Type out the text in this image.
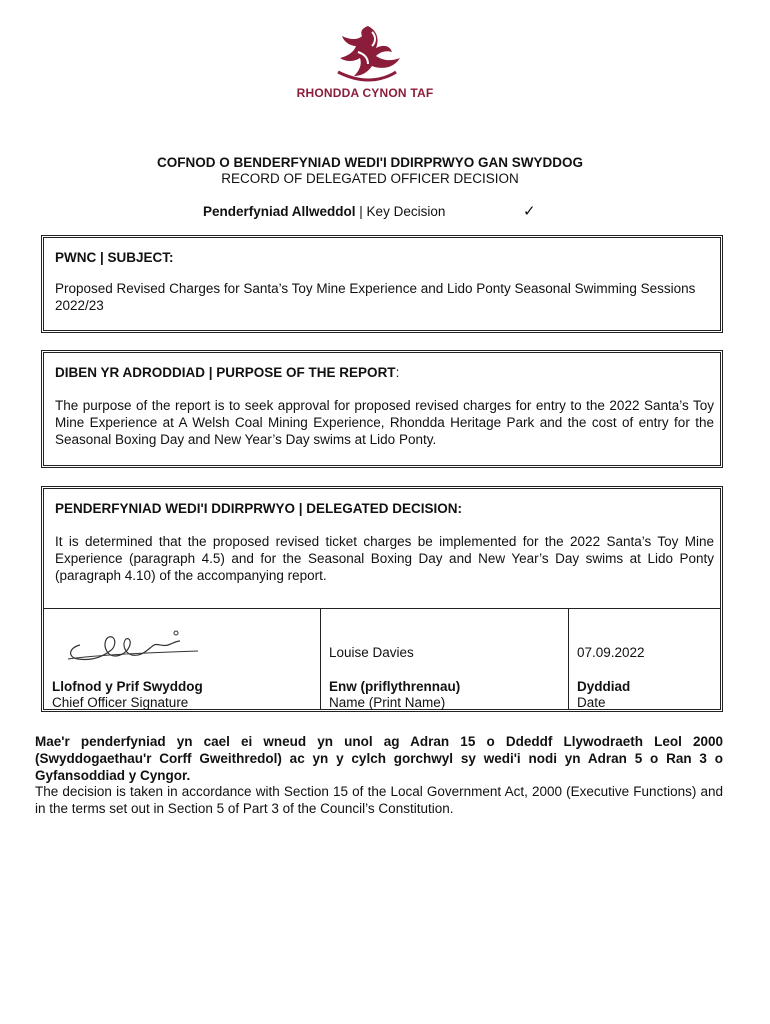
RHONDDA CYNON TAF
COFNOD O BENDERFYNIAD WEDI'I DDIRPRWYO GAN SWYDDOG
RECORD OF DELEGATED OFFICER DECISION
Penderfyniad Allweddol | Key Decision	✓
PWNC | SUBJECT:
Proposed Revised Charges for Santa’s Toy Mine Experience and Lido Ponty Seasonal Swimming Sessions 2022/23
DIBEN YR ADRODDIAD | PURPOSE OF THE REPORT:
The purpose of the report is to seek approval for proposed revised charges for entry to the 2022 Santa’s Toy Mine Experience at A Welsh Coal Mining Experience, Rhondda Heritage Park and the cost of entry for the Seasonal Boxing Day and New Year’s Day swims at Lido Ponty.
PENDERFYNIAD WEDI'I DDIRPRWYO | DELEGATED DECISION:
It is determined that the proposed revised ticket charges be implemented for the 2022 Santa’s Toy Mine Experience (paragraph 4.5) and for the Seasonal Boxing Day and New Year’s Day swims at Lido Ponty (paragraph 4.10) of the accompanying report.
Llofnod y Prif Swyddog
Chief Officer Signature
Louise Davies
Enw (priflythrennau)
Name (Print Name)
07.09.2022
Dyddiad
Date
Mae'r penderfyniad yn cael ei wneud yn unol ag Adran 15 o Ddeddf Llywodraeth Leol 2000 (Swyddogaethau'r Corff Gweithredol) ac yn y cylch gorchwyl sy wedi'i nodi yn Adran 5 o Ran 3 o Gyfansoddiad y Cyngor.
The decision is taken in accordance with Section 15 of the Local Government Act, 2000 (Executive Functions) and in the terms set out in Section 5 of Part 3 of the Council’s Constitution.
